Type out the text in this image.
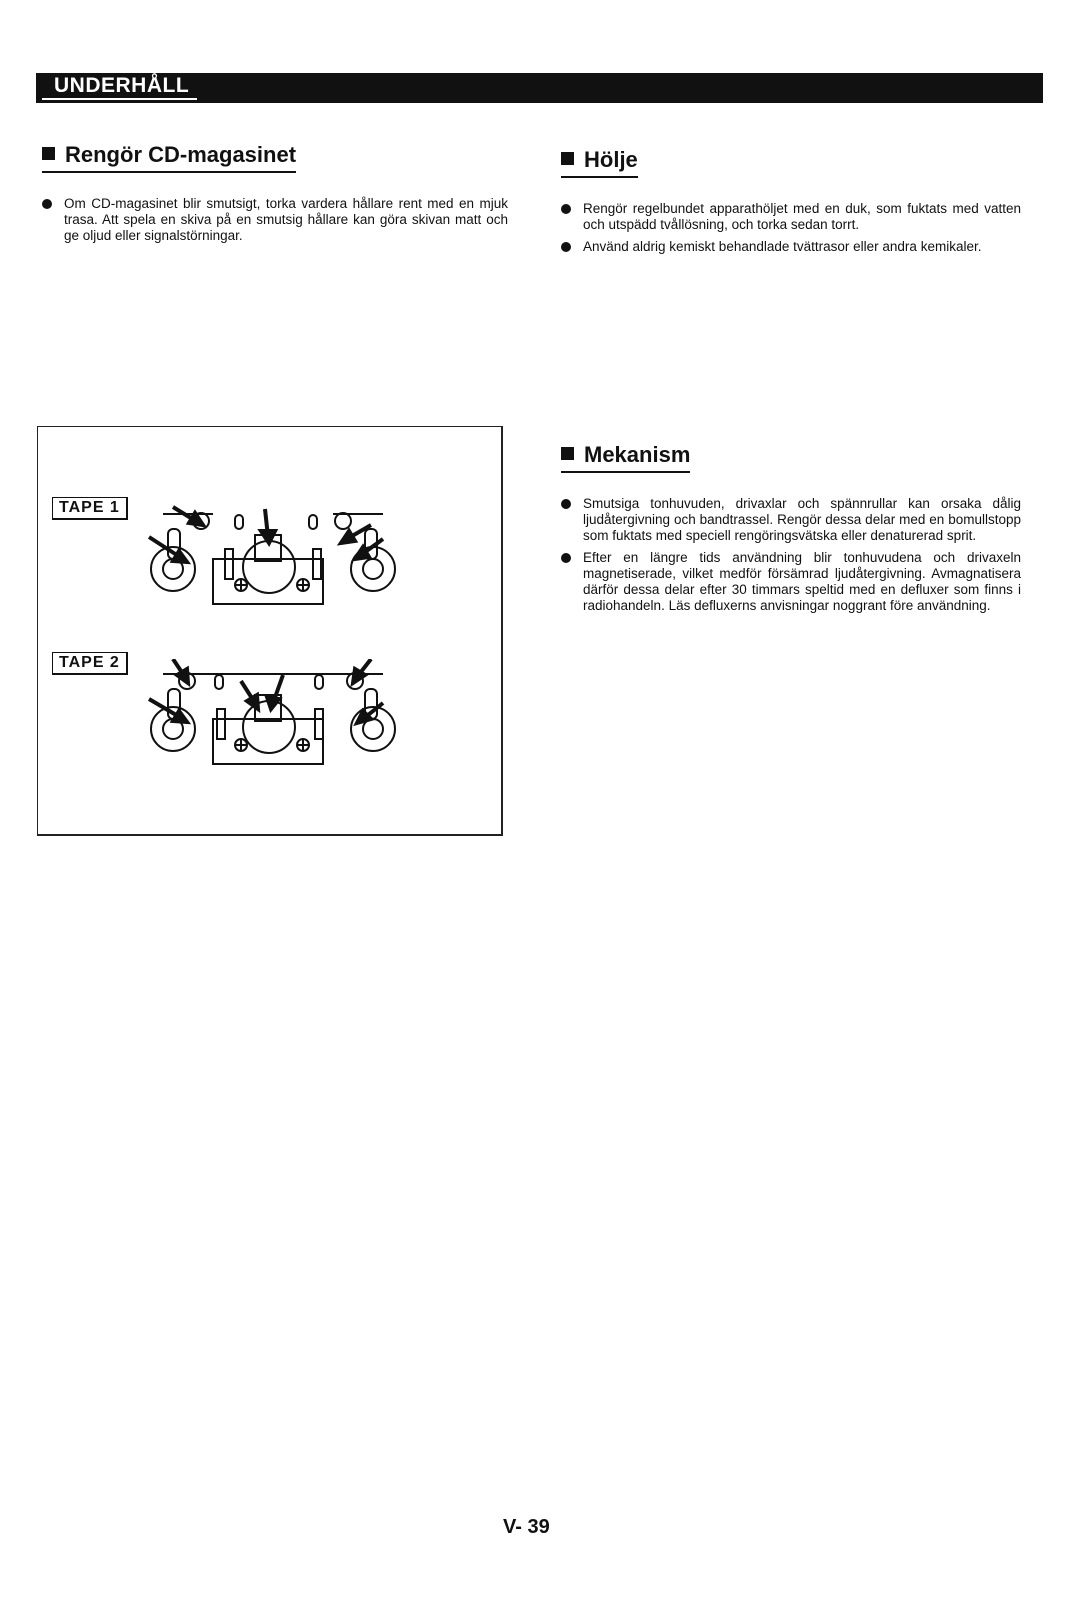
UNDERHÅLL
Rengör CD-magasinet
Om CD-magasinet blir smutsigt, torka vardera hållare rent med en mjuk trasa. Att spela en skiva på en smutsig hållare kan göra skivan matt och ge oljud eller signalstörningar.
Hölje
Rengör regelbundet apparathöljet med en duk, som fuktats med vatten och utspädd tvållösning, och torka sedan torrt.
Använd aldrig kemiskt behandlade tvättrasor eller andra kemikaler.
Mekanism
Smutsiga tonhuvuden, drivaxlar och spännrullar kan orsaka dålig ljudåtergivning och bandtrassel. Rengör dessa delar med en bomullstopp som fuktats med speciell rengöringsvätska eller denaturerad sprit.
Efter en längre tids användning blir tonhuvudena och drivaxeln magnetiserade, vilket medför försämrad ljudåtergivning. Avmagnatisera därför dessa delar efter 30 timmars speltid med en defluxer som finns i radiohandeln. Läs defluxerns anvisningar noggrant före användning.
TAPE 1
TAPE 2
V- 39
